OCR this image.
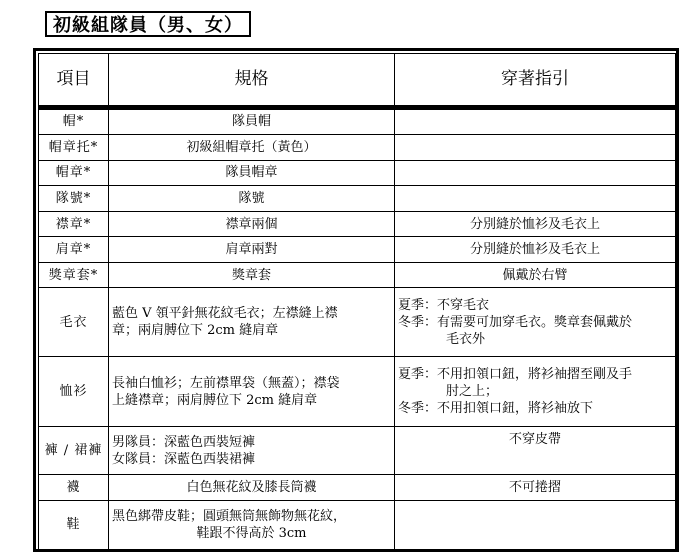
初級組隊員（男、女）
項目	規格	穿著指引

帽*	隊員帽	
帽章托*	初級組帽章托（黃色）	
帽章*	隊員帽章	
隊號*	隊號	
襟章*	襟章兩個	分別縫於恤衫及毛衣上
肩章*	肩章兩對	分別縫於恤衫及毛衣上
獎章套*	獎章套	佩戴於右臂
毛衣	藍色 V 領平針無花紋毛衣；左襟縫上襟
章；兩肩膊位下 2cm 縫肩章	夏季：不穿毛衣
冬季：有需要可加穿毛衣。獎章套佩戴於
毛衣外

恤衫	長袖白恤衫；左前襟單袋（無蓋）；襟袋
上縫襟章；兩肩膊位下 2cm 縫肩章	夏季：不用扣領口鈕，將衫袖摺至剛及手
肘之上；
冬季：不用扣領口鈕，將衫袖放下

褲 / 裙褲	男隊員：深藍色西裝短褲
女隊員：深藍色西裝裙褲	不穿皮帶
襪	白色無花紋及膝長筒襪	不可捲摺
鞋	黑色綁帶皮鞋；圓頭無筒無飾物無花紋，
鞋跟不得高於 3cm	
